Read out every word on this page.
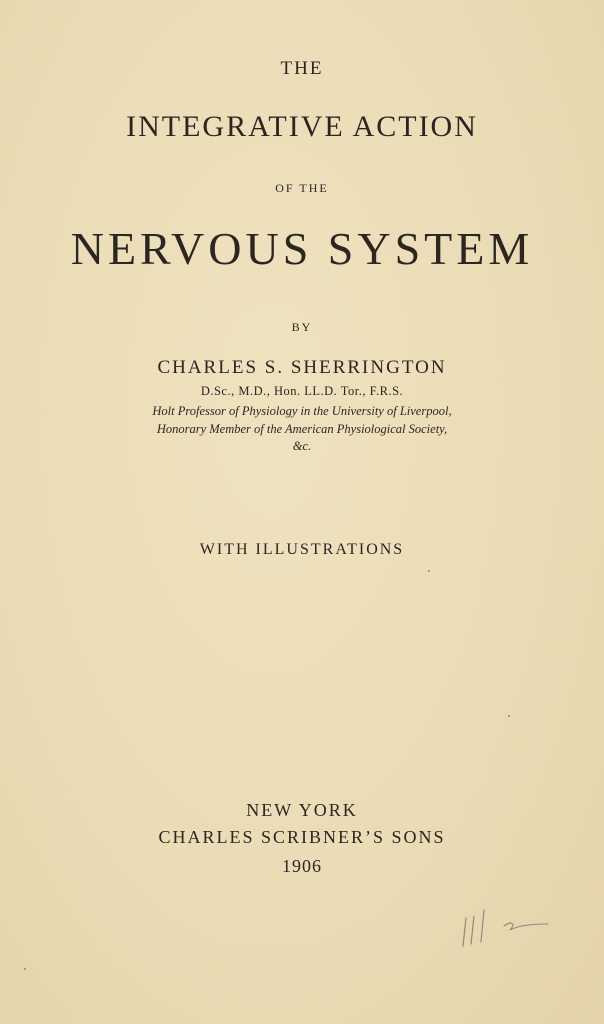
THE
INTEGRATIVE ACTION
OF THE
NERVOUS SYSTEM
BY
CHARLES S. SHERRINGTON
D.Sc., M.D., Hon. LL.D. Tor., F.R.S.
Holt Professor of Physiology in the University of Liverpool,
Honorary Member of the American Physiological Society,
&c.
WITH ILLUSTRATIONS
NEW YORK
CHARLES SCRIBNER’S SONS
1906
